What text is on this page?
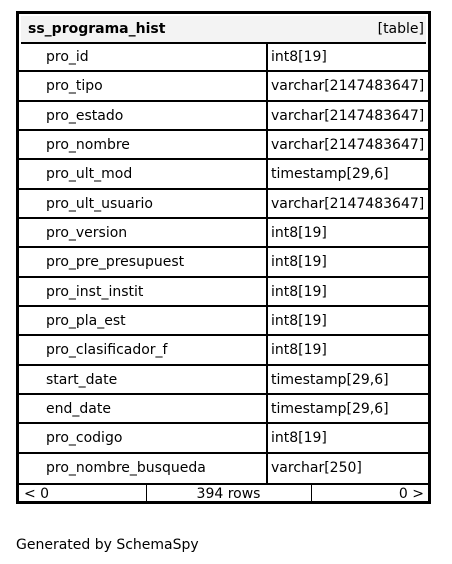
ss_programa_hist	[table]
pro_id	int8[19]
pro_tipo	varchar[2147483647]
pro_estado	varchar[2147483647]
pro_nombre	varchar[2147483647]
pro_ult_mod	timestamp[29,6]
pro_ult_usuario	varchar[2147483647]
pro_version	int8[19]
pro_pre_presupuest	int8[19]
pro_inst_instit	int8[19]
pro_pla_est	int8[19]
pro_clasificador_f	int8[19]
start_date	timestamp[29,6]
end_date	timestamp[29,6]
pro_codigo	int8[19]
pro_nombre_busqueda	varchar[250]
< 0	394 rows	0 >
Generated by SchemaSpy
